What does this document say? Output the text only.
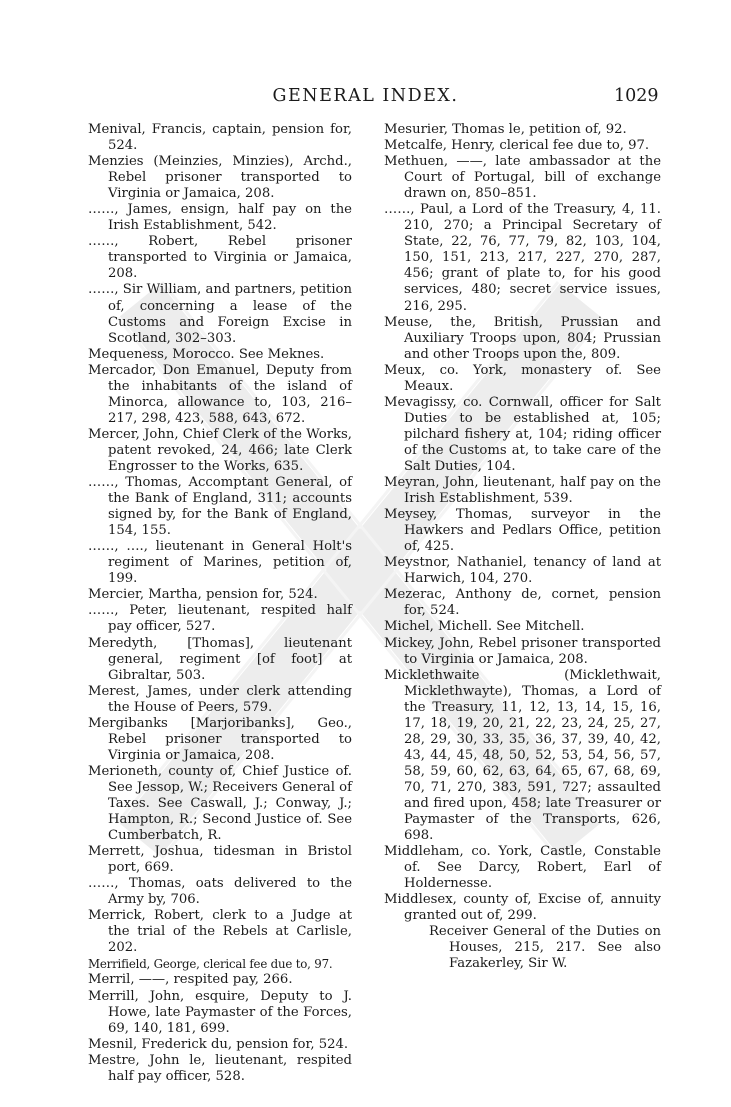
GENERAL INDEX.	1029
Menival, Francis, captain, pension for, 524.
Menzies (Meinzies, Minzies), Archd., Rebel prisoner transported to Virginia or Jamaica, 208.
……, James, ensign, half pay on the Irish Establishment, 542.
……, Robert, Rebel prisoner transported to Virginia or Jamaica, 208.
……, Sir William, and partners, petition of, concerning a lease of the Customs and Foreign Excise in Scotland, 302–303.
Mequeness, Morocco. See Meknes.
Mercador, Don Emanuel, Deputy from the inhabitants of the island of Minorca, allowance to, 103, 216–217, 298, 423, 588, 643, 672.
Mercer, John, Chief Clerk of the Works, patent revoked, 24, 466; late Clerk Engrosser to the Works, 635.
……, Thomas, Accomptant General, of the Bank of England, 311; accounts signed by, for the Bank of England, 154, 155.
……, …., lieutenant in General Holt's regiment of Marines, petition of, 199.
Mercier, Martha, pension for, 524.
……, Peter, lieutenant, respited half pay officer, 527.
Meredyth, [Thomas], lieutenant general, regiment [of foot] at Gibraltar, 503.
Merest, James, under clerk attending the House of Peers, 579.
Mergibanks [Marjoribanks], Geo., Rebel prisoner transported to Virginia or Jamaica, 208.
Merioneth, county of, Chief Justice of. See Jessop, W.; Receivers General of Taxes. See Caswall, J.; Conway, J.; Hampton, R.; Second Justice of. See Cumberbatch, R.
Merrett, Joshua, tidesman in Bristol port, 669.
……, Thomas, oats delivered to the Army by, 706.
Merrick, Robert, clerk to a Judge at the trial of the Rebels at Carlisle, 202.
Merrifield, George, clerical fee due to, 97.
Merril, ——, respited pay, 266.
Merrill, John, esquire, Deputy to J. Howe, late Paymaster of the Forces, 69, 140, 181, 699.
Mesnil, Frederick du, pension for, 524.
Mestre, John le, lieutenant, respited half pay officer, 528.
Mesurier, Thomas le, petition of, 92.
Metcalfe, Henry, clerical fee due to, 97.
Methuen, ——, late ambassador at the Court of Portugal, bill of exchange drawn on, 850–851.
……, Paul, a Lord of the Treasury, 4, 11. 210, 270; a Principal Secretary of State, 22, 76, 77, 79, 82, 103, 104, 150, 151, 213, 217, 227, 270, 287, 456; grant of plate to, for his good services, 480; secret service issues, 216, 295.
Meuse, the, British, Prussian and Auxiliary Troops upon, 804; Prussian and other Troops upon the, 809.
Meux, co. York, monastery of. See Meaux.
Mevagissy, co. Cornwall, officer for Salt Duties to be established at, 105; pilchard fishery at, 104; riding officer of the Customs at, to take care of the Salt Duties, 104.
Meyran, John, lieutenant, half pay on the Irish Establishment, 539.
Meysey, Thomas, surveyor in the Hawkers and Pedlars Office, petition of, 425.
Meystnor, Nathaniel, tenancy of land at Harwich, 104, 270.
Mezerac, Anthony de, cornet, pension for, 524.
Michel, Michell. See Mitchell.
Mickey, John, Rebel prisoner transported to Virginia or Jamaica, 208.
Micklethwaite (Micklethwait, Micklethwayte), Thomas, a Lord of the Treasury, 11, 12, 13, 14, 15, 16, 17, 18, 19, 20, 21, 22, 23, 24, 25, 27, 28, 29, 30, 33, 35, 36, 37, 39, 40, 42, 43, 44, 45, 48, 50, 52, 53, 54, 56, 57, 58, 59, 60, 62, 63, 64, 65, 67, 68, 69, 70, 71, 270, 383, 591, 727; assaulted and fired upon, 458; late Treasurer or Paymaster of the Transports, 626, 698.
Middleham, co. York, Castle, Constable of. See Darcy, Robert, Earl of Holdernesse.
Middlesex, county of, Excise of, annuity granted out of, 299.
Receiver General of the Duties on Houses, 215, 217. See also Fazakerley, Sir W.
